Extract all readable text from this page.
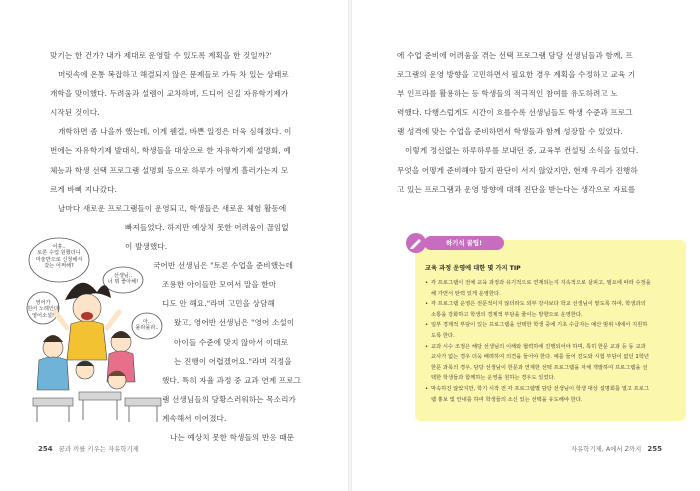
맞기는 한 건가? 내가 제대로 운영할 수 있도록 계획을 한 것일까?'
머릿속에 온통 복잡하고 해결되지 않은 문제들로 가득 차 있는 상태로
개학을 맞이했다. 두려움과 설렘이 교차하며, 드디어 신길 자유학기제가
시작된 것이다.
개학하면 좀 나을까 했는데, 이게 웬걸, 바쁜 일정은 더욱 심해졌다. 이
번에는 자유학기제 발대식, 학생들을 대상으로 한 자유학기제 설명회, 예
체능과 학생 선택 프로그램 설명회 등으로 하루가 어떻게 흘러가는지 모
르게 바삐 지나갔다.
날마다 새로운 프로그램들이 운영되고, 학생들은 새로운 체험 활동에
빠져들었다. 하지만 예상치 못한 어려움이 끊임없
이 발생했다.
국어반 선생님은 "토론 수업을 준비했는데
조용한 아이들만 모여서 말을 한마
디도 안 해요."라며 고민을 상담해
왔고, 영어반 선생님은 "영어 소설이
아이들 수준에 맞지 않아서 이대로
는 진행이 어렵겠어요."라며 걱정을
했다. 특히 자율 과정 중 교과 연계 프로그
램 선생님들의 당황스러워하는 목소리가
계속해서 이어졌다.
나는 예상치 못한 학생들의 반응 때문
어휴..
토론 수업 원했더니
미술반으로 신청해서
갔는 어쩌해?
영어가
원어 노래인데 영어소설!
선생님..
너 뭐 좋아해!
아..
몰라몰라..
254 꿈과 끼를 키우는 자유학기제
에 수업 준비에 어려움을 겪는 선택 프로그램 담당 선생님들과 함께, 프
로그램의 운영 방향을 고민하면서 필요한 경우 계획을 수정하고 교육 기
부 인프라를 활용하는 등 학생들의 적극적인 참여를 유도하려고 노
력했다. 다행스럽게도 시간이 흐를수록 선생님들도 학생 수준과 프로그
램 성격에 맞는 수업을 준비하면서 학생들과 함께 성장할 수 있었다.
이렇게 정신없는 하루하루를 보내던 중, 교육부 컨설팅 소식을 들었다.
무엇을 어떻게 준비해야 할지 판단이 서지 않았지만, 현재 우리가 진행하
고 있는 프로그램과 운영 방향에 대해 진단을 받는다는 생각으로 자료를
하기석 꿀팁!
교육 과정 운영에 대한 몇 가지 TIP
• 각 프로그램이 전체 교육 과정과 유기적으로 연계되는지 지속적으로 살피고, 필요에 따라 수정을
해 가면서 탄력 있게 운영한다.
• 각 프로그램 운영은 전문적이지 않더라도 외부 강사보다 학교 선생님이 맡도록 하여, 학생과의
소통을 강화하고 학생의 경제적 부담을 줄이는 방향으로 운영한다.
• 일부 경제적 부담이 있는 프로그램을 선택한 학생 중에 기초 수급자는 예산 범위 내에서 지원하
도록 한다.
• 교과 시수 조정은 해당 선생님의 이해와 협력하에 진행되어야 하며, 특히 한문 교과 등 동 교과
교사가 없는 경우 더욱 배려하여 의견을 들어야 한다. 예를 들어 진도와 시험 부담이 없던 1학년
한문 과목의 경우, 담당 선생님이 한문과 연계한 선택 프로그램을 자체 개발하여 프로그램을 선
택한 학생들과 함께하는 운영을 원하는 경우도 있었다.
• 막속하진 않았지만, 학기 시작 전 각 프로그램별 담당 선생님이 학생 대상 설명회를 열고 프로그
램 홍보 및 안내를 하여 학생들의 소신 있는 선택을 유도해야 한다.
자유학기제, A에서 Z까지 255
